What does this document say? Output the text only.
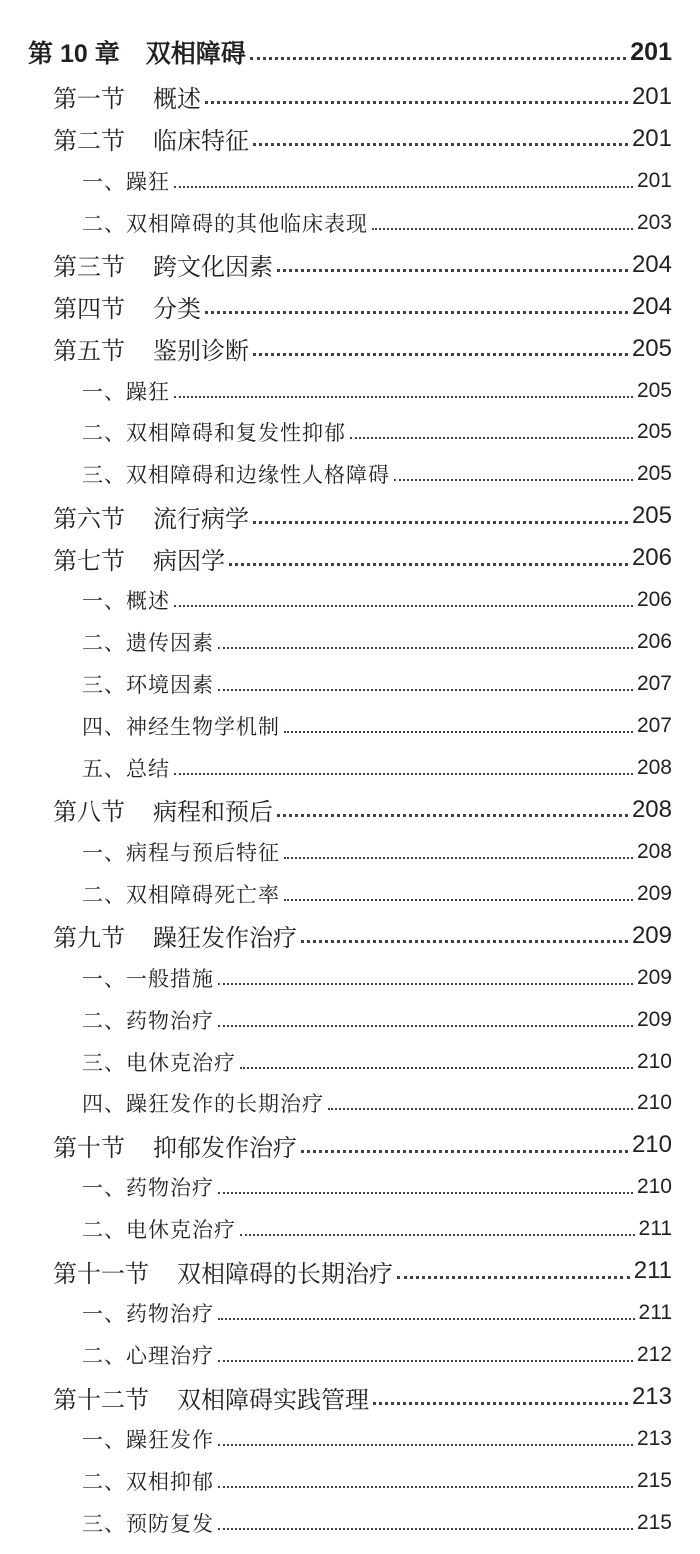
第 10 章 双相障碍	201
第一节 概述	201
第二节 临床特征	201
一、躁狂	201
二、双相障碍的其他临床表现	203
第三节 跨文化因素	204
第四节 分类	204
第五节 鉴别诊断	205
一、躁狂	205
二、双相障碍和复发性抑郁	205
三、双相障碍和边缘性人格障碍	205
第六节 流行病学	205
第七节 病因学	206
一、概述	206
二、遗传因素	206
三、环境因素	207
四、神经生物学机制	207
五、总结	208
第八节 病程和预后	208
一、病程与预后特征	208
二、双相障碍死亡率	209
第九节 躁狂发作治疗	209
一、一般措施	209
二、药物治疗	209
三、电休克治疗	210
四、躁狂发作的长期治疗	210
第十节 抑郁发作治疗	210
一、药物治疗	210
二、电休克治疗	211
第十一节 双相障碍的长期治疗	211
一、药物治疗	211
二、心理治疗	212
第十二节 双相障碍实践管理	213
一、躁狂发作	213
二、双相抑郁	215
三、预防复发	215
